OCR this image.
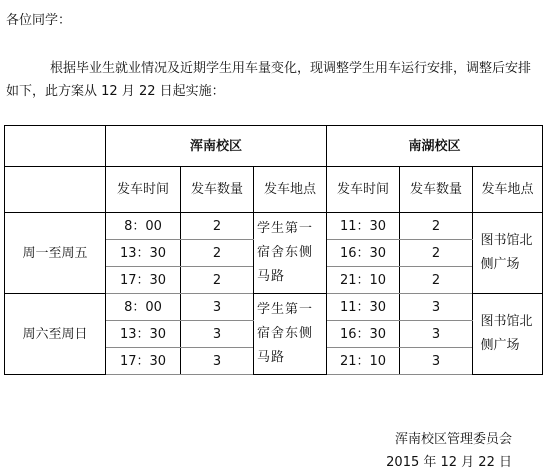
各位同学：
根据毕业生就业情况及近期学生用车量变化，现调整学生用车运行安排，调整后安排
如下，此方案从 12 月 22 日起实施：
	浑南校区			南湖校区		
	发车时间	发车数量	发车地点	发车时间	发车数量	发车地点
周一至周五	8：00	2	学生第一宿舍东侧马路	11：30	2	图书馆北侧广场

	13：30	2		16：30	2	
	17：30	2		21：10	2	
周六至周日	8：00	3	学生第一宿舍东侧马路	11：30	3	图书馆北侧广场

	13：30	3		16：30	3	
	17：30	3		21：10	3	
浑南校区管理委员会
2015 年 12 月 22 日
